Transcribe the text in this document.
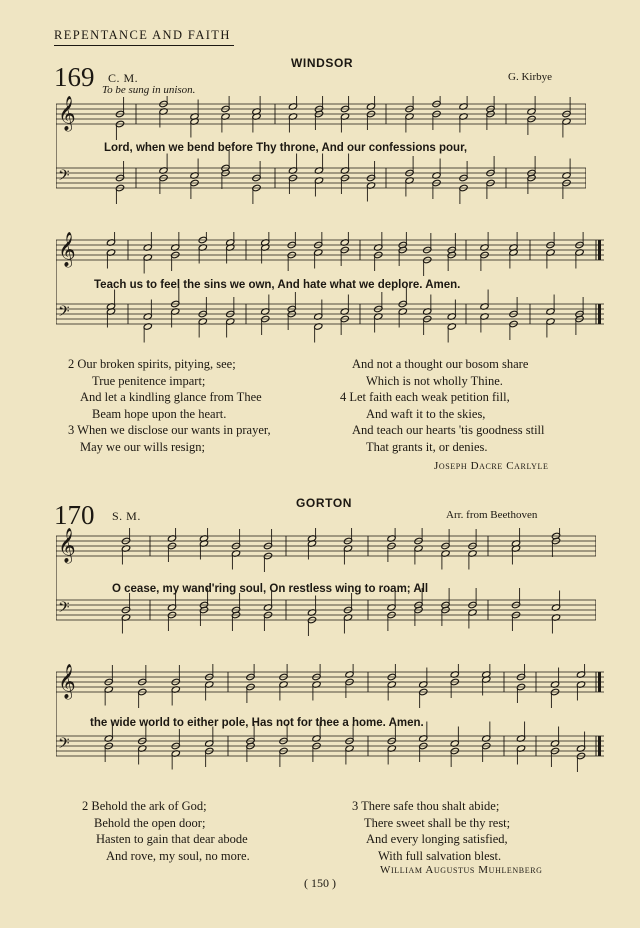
REPENTANCE AND FAITH
169 C. M.
WINDSOR
G. Kirbye
To be sung in unison.
𝄞
𝄢
Lord, when we bend before Thy throne, And our confessions pour,
𝄞
𝄢
Teach us to feel the sins we own, And hate what we deplore. Amen.
2 Our broken spirits, pitying, see;
True penitence impart;
And let a kindling glance from Thee
Beam hope upon the heart.
3 When we disclose our wants in prayer,
May we our wills resign;
And not a thought our bosom share
Which is not wholly Thine.
4 Let faith each weak petition fill,
And waft it to the skies,
And teach our hearts 'tis goodness still
That grants it, or denies.
Joseph Dacre Carlyle
GORTON
170 S. M.	Arr. from Beethoven
𝄞
𝄢
O cease, my wand'ring soul, On restless wing to roam; All
𝄞
𝄢
the wide world to either pole, Has not for thee a home. Amen.
2 Behold the ark of God;
Behold the open door;
Hasten to gain that dear abode
And rove, my soul, no more.
3 There safe thou shalt abide;
There sweet shall be thy rest;
And every longing satisfied,
With full salvation blest.
William Augustus Muhlenberg
( 150 )
